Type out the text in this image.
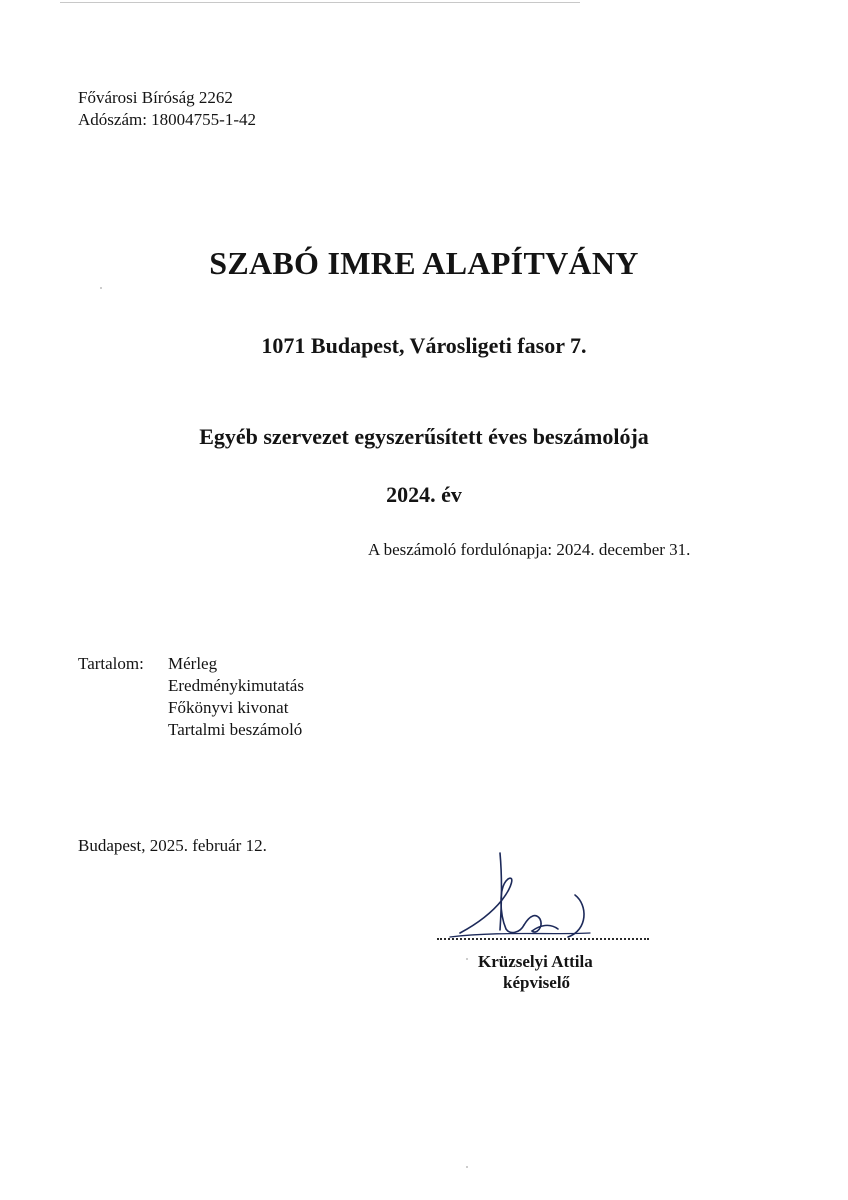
Fővárosi Bíróság 2262
Adószám: 18004755-1-42
SZABÓ IMRE ALAPÍTVÁNY
1071 Budapest, Városligeti fasor 7.
Egyéb szervezet egyszerűsített éves beszámolója
2024. év
A beszámoló fordulónapja: 2024. december 31.
Tartalom: Mérleg
Eredménykimutatás
Főkönyvi kivonat
Tartalmi beszámoló
Budapest, 2025. február 12.
Krüzselyi Attila
képviselő
